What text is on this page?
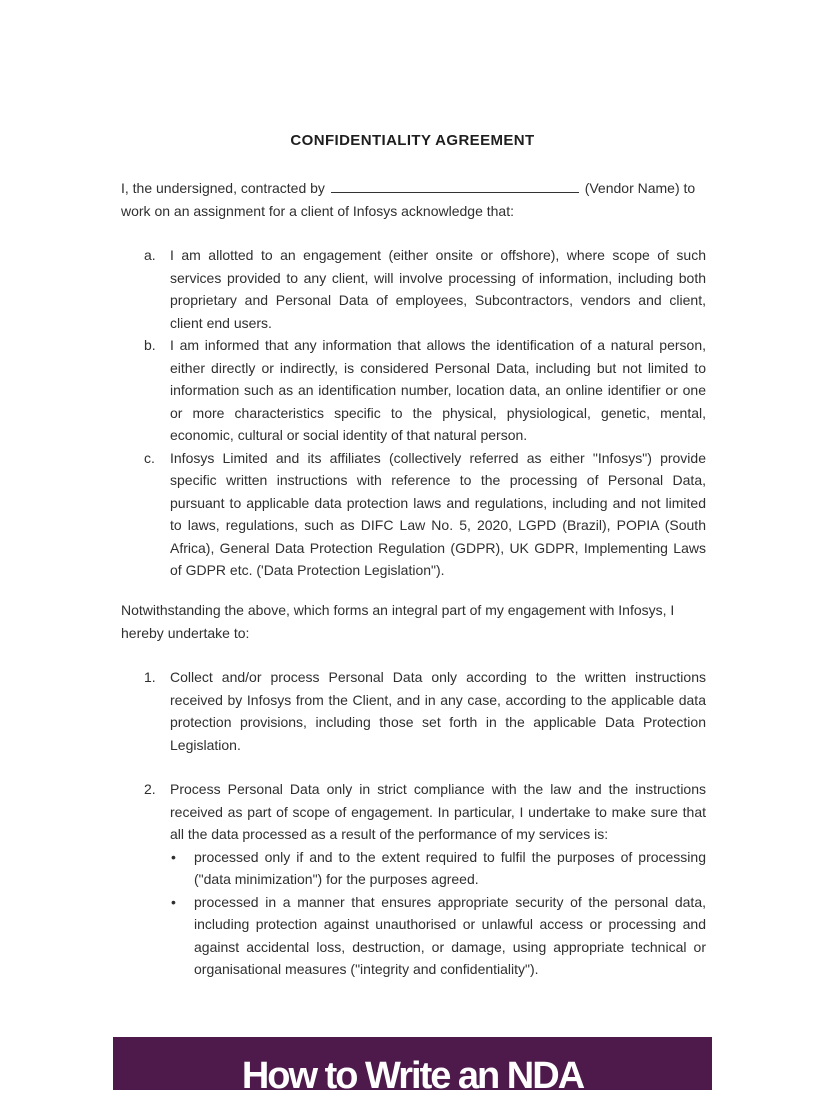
CONFIDENTIALITY AGREEMENT
I, the undersigned, contracted by	(Vendor Name) to work on an assignment for a client of Infosys acknowledge that:
a. I am allotted to an engagement (either onsite or offshore), where scope of such services provided to any client, will involve processing of information, including both proprietary and Personal Data of employees, Subcontractors, vendors and client, client end users.
b. I am informed that any information that allows the identification of a natural person, either directly or indirectly, is considered Personal Data, including but not limited to information such as an identification number, location data, an online identifier or one or more characteristics specific to the physical, physiological, genetic, mental, economic, cultural or social identity of that natural person.
c. Infosys Limited and its affiliates (collectively referred as either "Infosys") provide specific written instructions with reference to the processing of Personal Data, pursuant to applicable data protection laws and regulations, including and not limited to laws, regulations, such as DIFC Law No. 5, 2020, LGPD (Brazil), POPIA (South Africa), General Data Protection Regulation (GDPR), UK GDPR, Implementing Laws of GDPR etc. ('Data Protection Legislation").
Notwithstanding the above, which forms an integral part of my engagement with Infosys, I hereby undertake to:
1. Collect and/or process Personal Data only according to the written instructions received by Infosys from the Client, and in any case, according to the applicable data protection provisions, including those set forth in the applicable Data Protection Legislation.
2. Process Personal Data only in strict compliance with the law and the instructions received as part of scope of engagement. In particular, I undertake to make sure that all the data processed as a result of the performance of my services is:
• processed only if and to the extent required to fulfil the purposes of processing ("data minimization") for the purposes agreed.
• processed in a manner that ensures appropriate security of the personal data, including protection against unauthorised or unlawful access or processing and against accidental loss, destruction, or damage, using appropriate technical or organisational measures ("integrity and confidentiality").
How to Write an NDA
